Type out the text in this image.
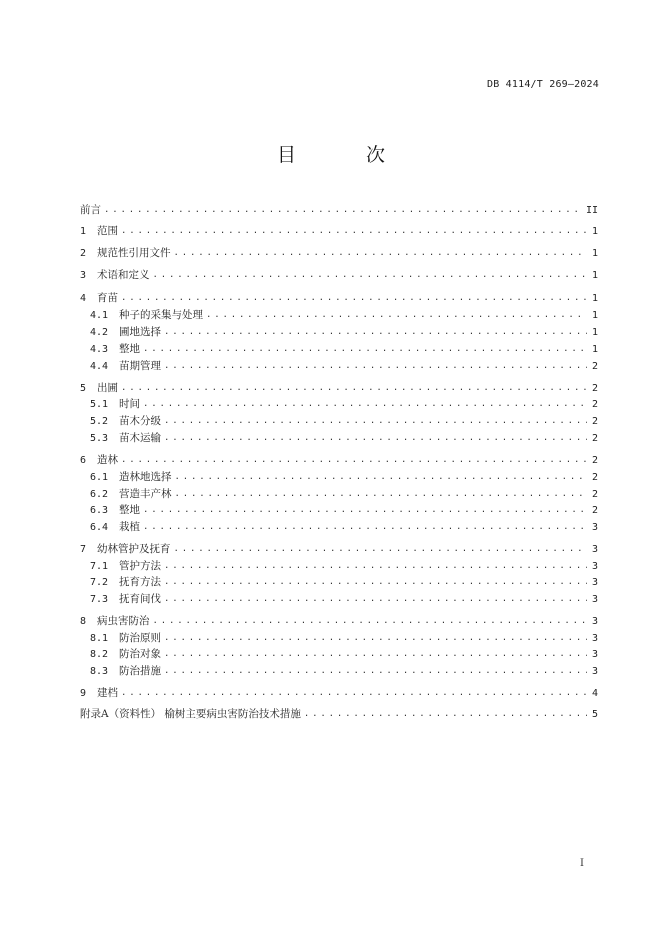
DB 4114/T 269—2024
目 次
前言 . . .	II
1	范围 . . .	1
2	规范性引用文件 . . .	1
3	术语和定义 . . .	1
4	育苗 . . .	1
4.1	种子的采集与处理 . . .	1
4.2	圃地选择 . . .	1
4.3	整地 . . .	1
4.4	苗期管理 . . .	2
5	出圃 . . .	2
5.1	时间 . . .	2
5.2	苗木分级 . . .	2
5.3	苗木运输 . . .	2
6	造林 . . .	2
6.1	造林地选择 . . .	2
6.2	营造丰产林 . . .	2
6.3	整地 . . .	2
6.4	栽植 . . .	3
7	幼林管护及抚育 . . .	3
7.1	管护方法 . . .	3
7.2	抚育方法 . . .	3
7.3	抚育间伐 . . .	3
8	病虫害防治 . . .	3
8.1	防治原则 . . .	3
8.2	防治对象 . . .	3
8.3	防治措施 . . .	3
9	建档 . . .	4
附录A（资料性） 榆树主要病虫害防治技术措施 . . .	5
I
